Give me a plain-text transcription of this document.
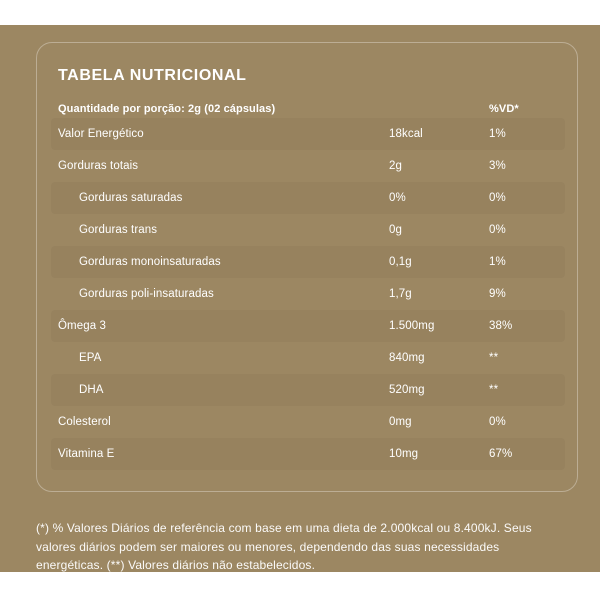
TABELA NUTRICIONAL
Quantidade por porção: 2g (02 cápsulas)	%VD*
Valor Energético	18kcal	1%
Gorduras totais	2g	3%
Gorduras saturadas	0%	0%
Gorduras trans	0g	0%
Gorduras monoinsaturadas	0,1g	1%
Gorduras poli-insaturadas	1,7g	9%
Ômega 3	1.500mg	38%
EPA	840mg	**
DHA	520mg	**
Colesterol	0mg	0%
Vitamina E	10mg	67%
(*) % Valores Diários de referência com base em uma dieta de 2.000kcal ou 8.400kJ. Seus
valores diários podem ser maiores ou menores, dependendo das suas necessidades
energéticas. (**) Valores diários não estabelecidos.
